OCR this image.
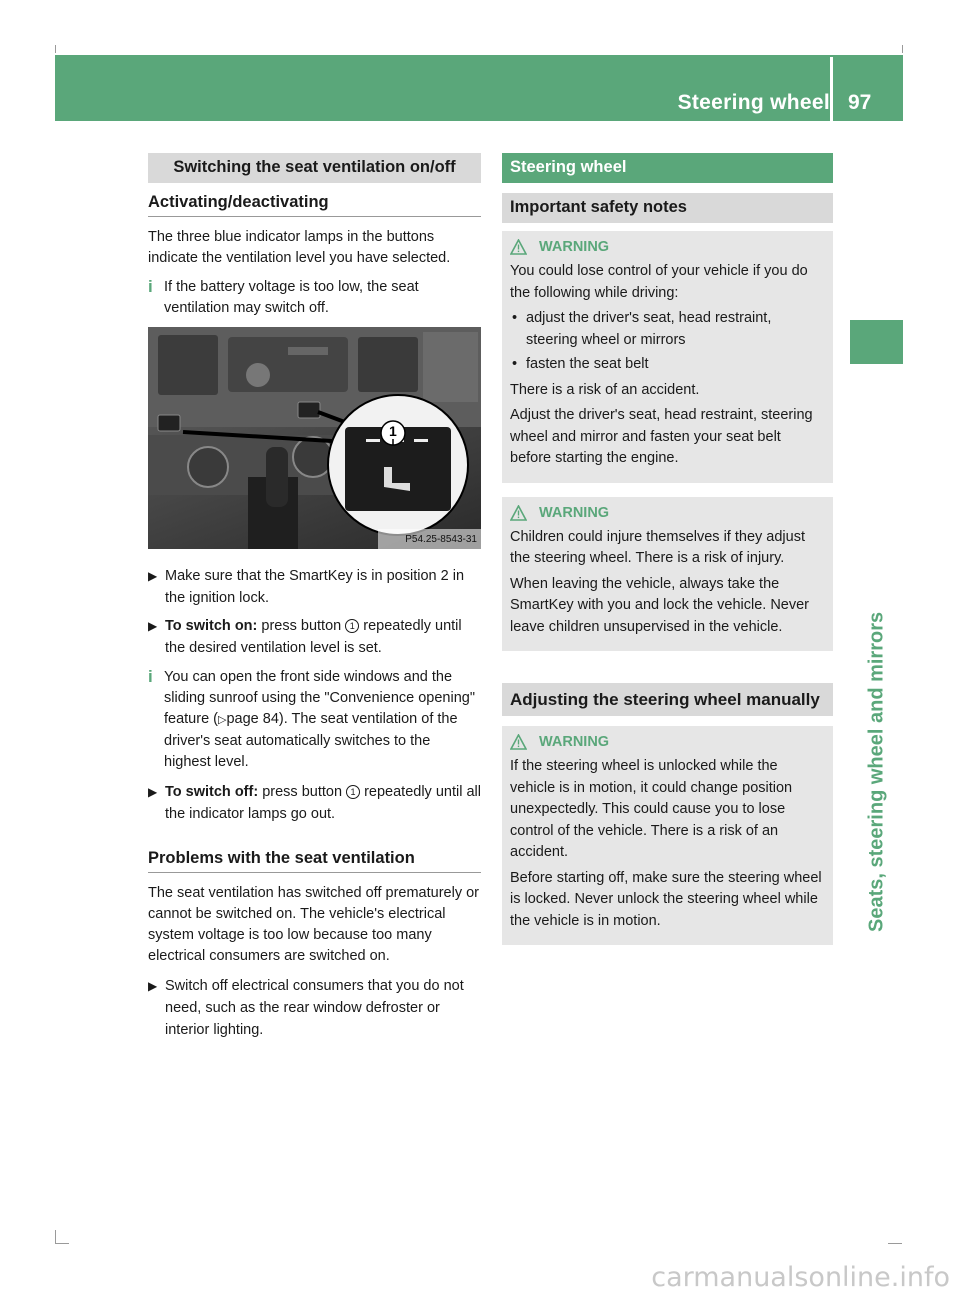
Steering wheel 97
Seats, steering wheel and mirrors
Switching the seat ventilation on/off
Activating/deactivating

The three blue indicator lamps in the buttons indicate the ventilation level you have selected.

i If the battery voltage is too low, the seat ventilation may switch off.
1
P54.25-8543-31
▶ Make sure that the SmartKey is in position 2 in the ignition lock.
▶ To switch on: press button 1 repeatedly until the desired ventilation level is set.
i You can open the front side windows and the sliding sunroof using the "Convenience opening" feature (▷page 84). The seat ventilation of the driver's seat automatically switches to the highest level.
▶ To switch off: press button 1 repeatedly until all the indicator lamps go out.
Problems with the seat ventilation

The seat ventilation has switched off prematurely or cannot be switched on. The vehicle's electrical system voltage is too low because too many electrical consumers are switched on.

▶ Switch off electrical consumers that you do not need, such as the rear window defroster or interior lighting.
Steering wheel
Important safety notes
WARNING

You could lose control of your vehicle if you do the following while driving:

• adjust the driver's seat, head restraint, steering wheel or mirrors
• fasten the seat belt

There is a risk of an accident.

Adjust the driver's seat, head restraint, steering wheel and mirror and fasten your seat belt before starting the engine.

WARNING

Children could injure themselves if they adjust the steering wheel. There is a risk of injury.

When leaving the vehicle, always take the SmartKey with you and lock the vehicle. Never leave children unsupervised in the vehicle.

Adjusting the steering wheel manually
WARNING

If the steering wheel is unlocked while the vehicle is in motion, it could change position unexpectedly. This could cause you to lose control of the vehicle. There is a risk of an accident.

Before starting off, make sure the steering wheel is locked. Never unlock the steering wheel while the vehicle is in motion.

carmanualsonline.info
